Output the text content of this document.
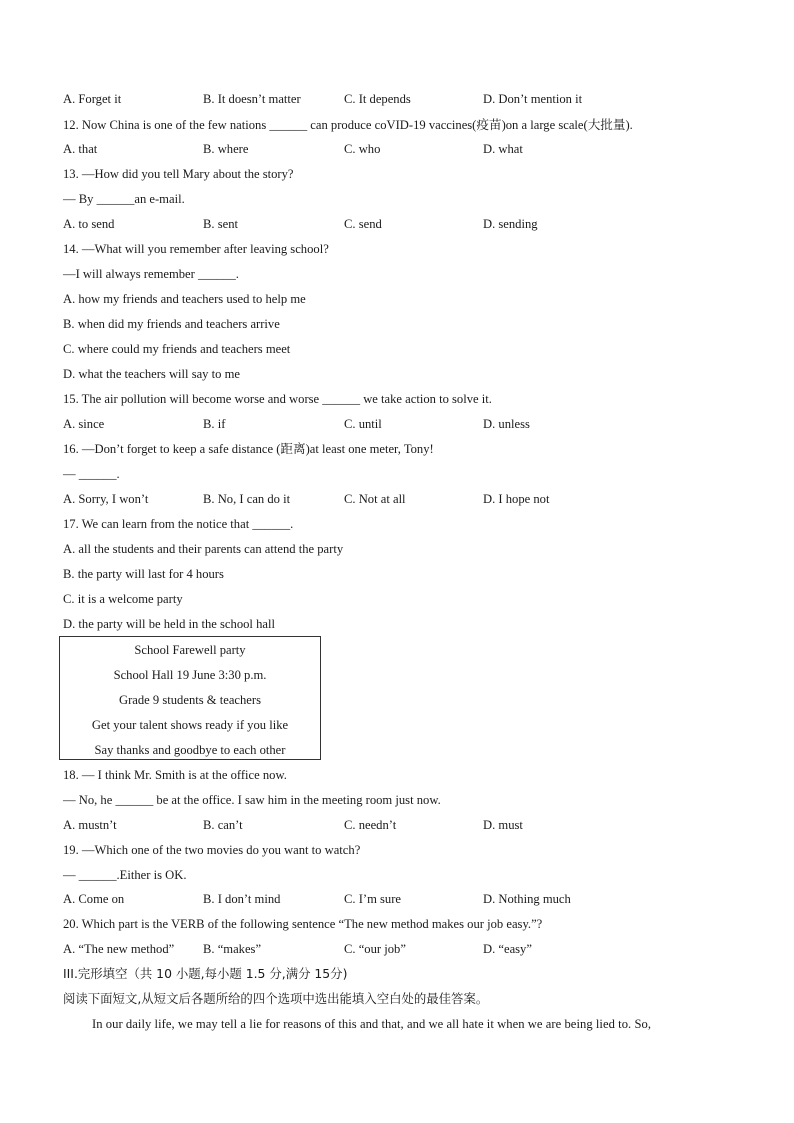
A. Forget it	B. It doesn’t matter	C. It depends	D. Don’t mention it
12. Now China is one of the few nations ______ can produce coVID-19 vaccines(疫苗)on a large scale(大批量).
A. that	B. where	C. who	D. what
13. —How did you tell Mary about the story?
— By ______an e-mail.
A. to send	B. sent	C. send	D. sending
14. —What will you remember after leaving school?
—I will always remember ______.
A. how my friends and teachers used to help me
B. when did my friends and teachers arrive
C. where could my friends and teachers meet
D. what the teachers will say to me
15. The air pollution will become worse and worse ______ we take action to solve it.
A. since	B. if	C. until	D. unless
16. —Don’t forget to keep a safe distance (距离)at least one meter, Tony!
— ______.
A. Sorry, I won’t	B. No, I can do it	C. Not at all	D. I hope not
17. We can learn from the notice that ______.
A. all the students and their parents can attend the party
B. the party will last for 4 hours
C. it is a welcome party
D. the party will be held in the school hall
School Farewell party
School Hall 19 June 3:30 p.m.
Grade 9 students & teachers
Get your talent shows ready if you like
Say thanks and goodbye to each other
18. — I think Mr. Smith is at the office now.
— No, he ______ be at the office. I saw him in the meeting room just now.
A. mustn’t	B. can’t	C. needn’t	D. must
19. —Which one of the two movies do you want to watch?
— ______.Either is OK.
A. Come on	B. I don’t mind	C. I’m sure	D. Nothing much
20. Which part is the VERB of the following sentence “The new method makes our job easy.”?
A. “The new method” B. “makes”	C. “our job”	D. “easy”
III.完形填空（共 10 小题,每小题 1.5 分,满分 15分)
阅读下面短文,从短文后各题所给的四个选项中选出能填入空白处的最佳答案。
In our daily life, we may tell a lie for reasons of this and that, and we all hate it when we are being lied to. So,
